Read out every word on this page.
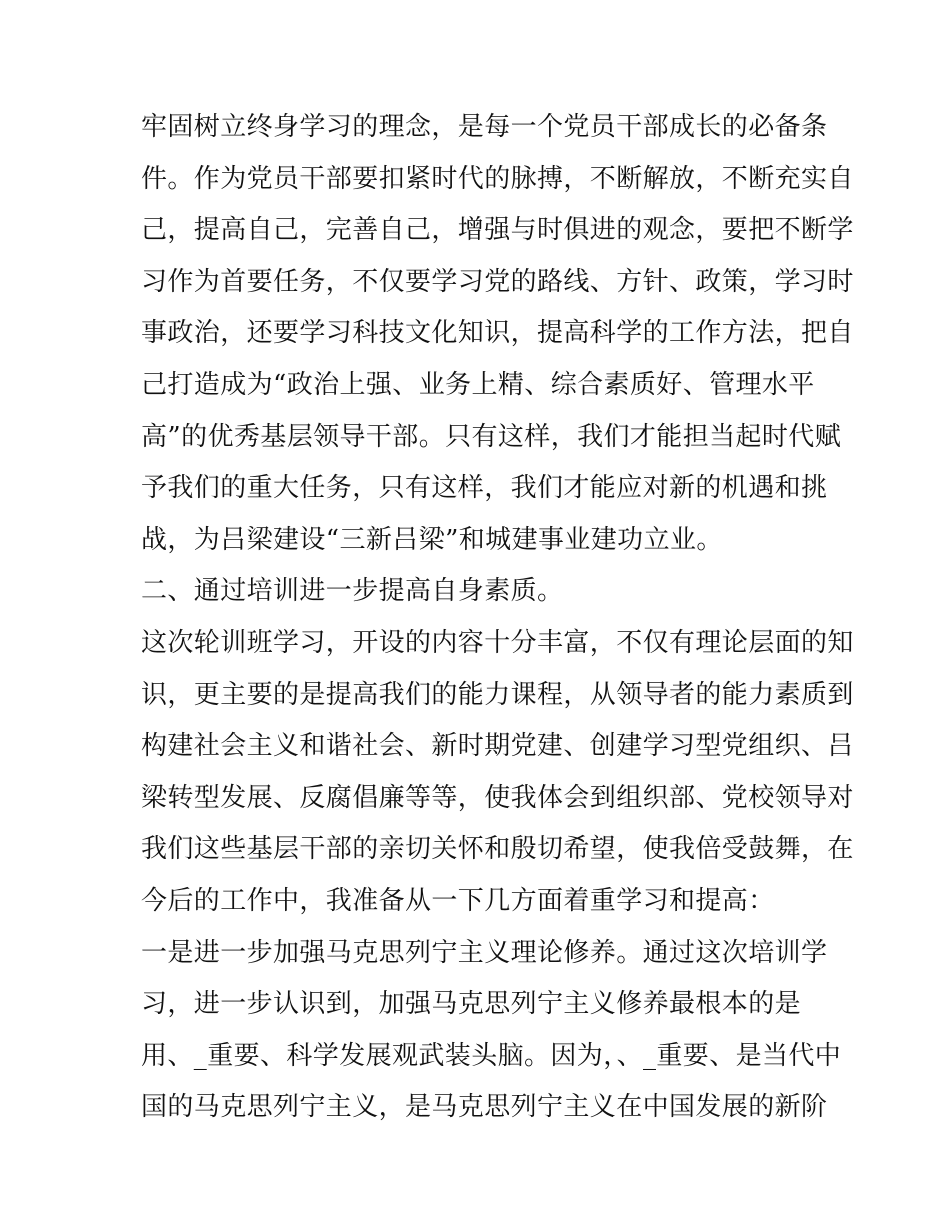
牢固树立终身学习的理念，是每一个党员干部成长的必备条
件。作为党员干部要扣紧时代的脉搏，不断解放，不断充实自
己，提高自己，完善自己，增强与时俱进的观念，要把不断学
习作为首要任务，不仅要学习党的路线、方针、政策，学习时
事政治，还要学习科技文化知识，提高科学的工作方法，把自
己打造成为“政治上强、业务上精、综合素质好、管理水平
高”的优秀基层领导干部。只有这样，我们才能担当起时代赋
予我们的重大任务，只有这样，我们才能应对新的机遇和挑
战，为吕梁建设“三新吕梁”和城建事业建功立业。
二、通过培训进一步提高自身素质。
这次轮训班学习，开设的内容十分丰富，不仅有理论层面的知
识，更主要的是提高我们的能力课程，从领导者的能力素质到
构建社会主义和谐社会、新时期党建、创建学习型党组织、吕
梁转型发展、反腐倡廉等等，使我体会到组织部、党校领导对
我们这些基层干部的亲切关怀和殷切希望，使我倍受鼓舞，在
今后的工作中，我准备从一下几方面着重学习和提高：
一是进一步加强马克思列宁主义理论修养。通过这次培训学
习，进一步认识到，加强马克思列宁主义修养最根本的是
用、_重要、科学发展观武装头脑。因为，、_重要、是当代中
国的马克思列宁主义，是马克思列宁主义在中国发展的新阶
